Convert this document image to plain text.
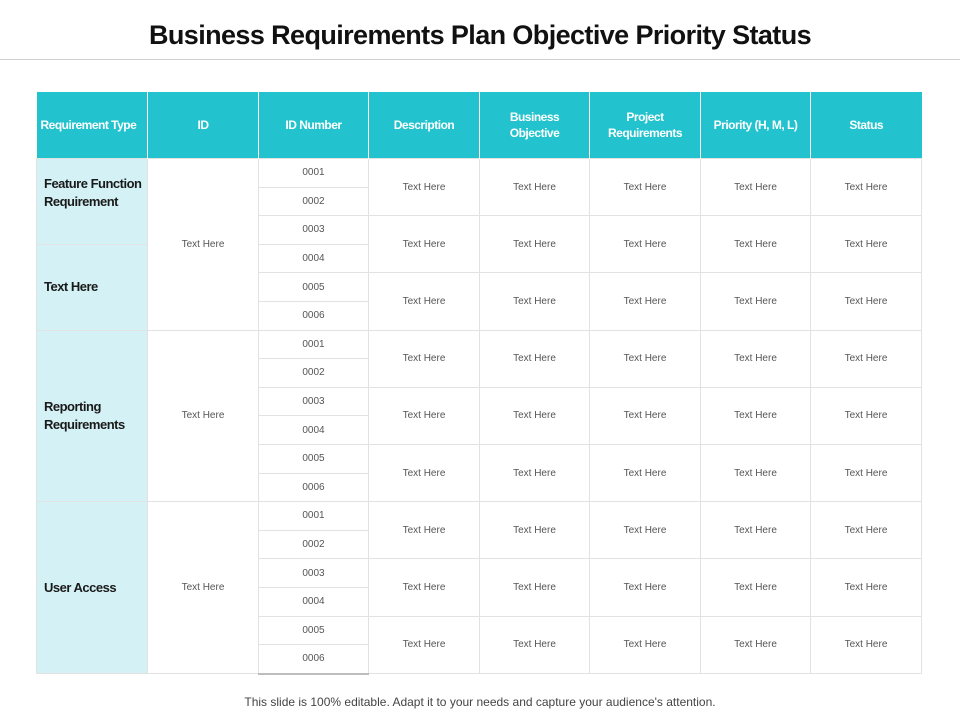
Business Requirements Plan Objective Priority Status
Requirement Type	ID	ID Number	Description	Business Objective	Project Requirements	Priority (H, M, L)	Status
Feature Function Requirement	Text Here	0001	Text Here	Text Here	Text Here	Text Here	Text Here
		0002					
		0003	Text Here	Text Here	Text Here	Text Here	Text Here
Text Here		0004					
		0005	Text Here	Text Here	Text Here	Text Here	Text Here
		0006					
Reporting Requirements	Text Here	0001	Text Here	Text Here	Text Here	Text Here	Text Here
		0002					
		0003	Text Here	Text Here	Text Here	Text Here	Text Here
		0004					
		0005	Text Here	Text Here	Text Here	Text Here	Text Here
		0006					
User Access	Text Here	0001	Text Here	Text Here	Text Here	Text Here	Text Here
		0002					
		0003	Text Here	Text Here	Text Here	Text Here	Text Here
		0004					
		0005	Text Here	Text Here	Text Here	Text Here	Text Here
		0006					
This slide is 100% editable. Adapt it to your needs and capture your audience's attention.
